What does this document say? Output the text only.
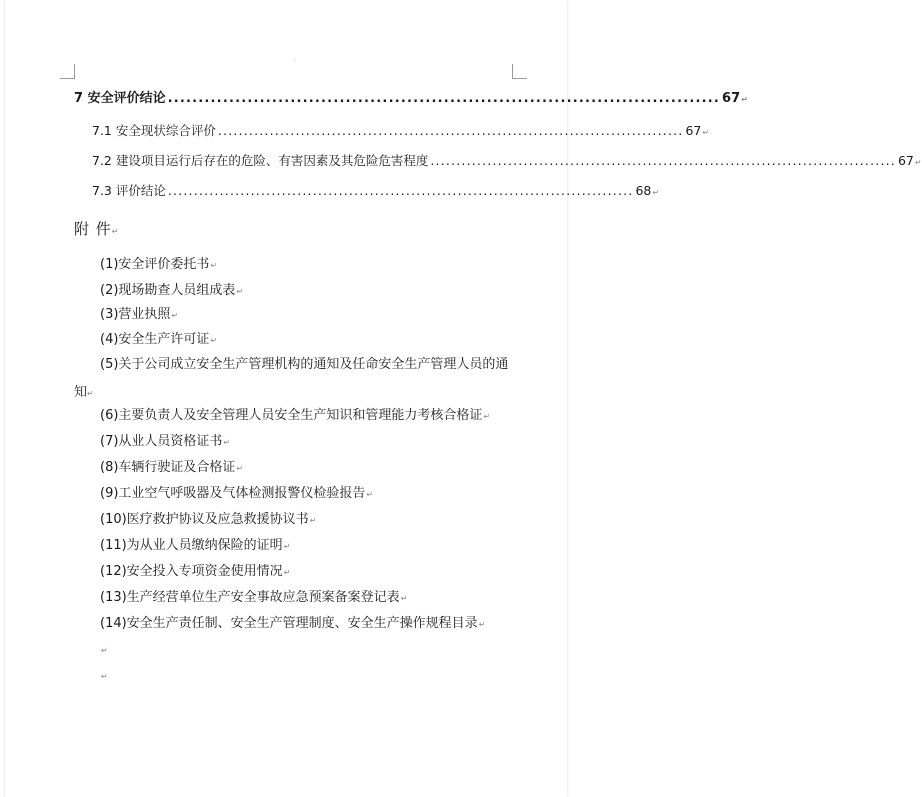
·
7 安全评价结论 .......................................................................................... 67 ↵
7.1 安全现状综合评价 .......................................................................................... 67 ↵
7.2 建设项目运行后存在的危险、有害因素及其危险危害程度 .......................................................................................... 67 ↵
7.3 评价结论 .......................................................................................... 68 ↵
附 件↵
(1)安全评价委托书↵
(2)现场勘查人员组成表↵
(3)营业执照↵
(4)安全生产许可证↵
(5)关于公司成立安全生产管理机构的通知及任命安全生产管理人员的通知↵
(6)主要负责人及安全管理人员安全生产知识和管理能力考核合格证↵
(7)从业人员资格证书↵
(8)车辆行驶证及合格证↵
(9)工业空气呼吸器及气体检测报警仪检验报告↵
(10)医疗救护协议及应急救援协议书↵
(11)为从业人员缴纳保险的证明↵
(12)安全投入专项资金使用情况↵
(13)生产经营单位生产安全事故应急预案备案登记表↵
(14)安全生产责任制、安全生产管理制度、安全生产操作规程目录↵
↵
↵
